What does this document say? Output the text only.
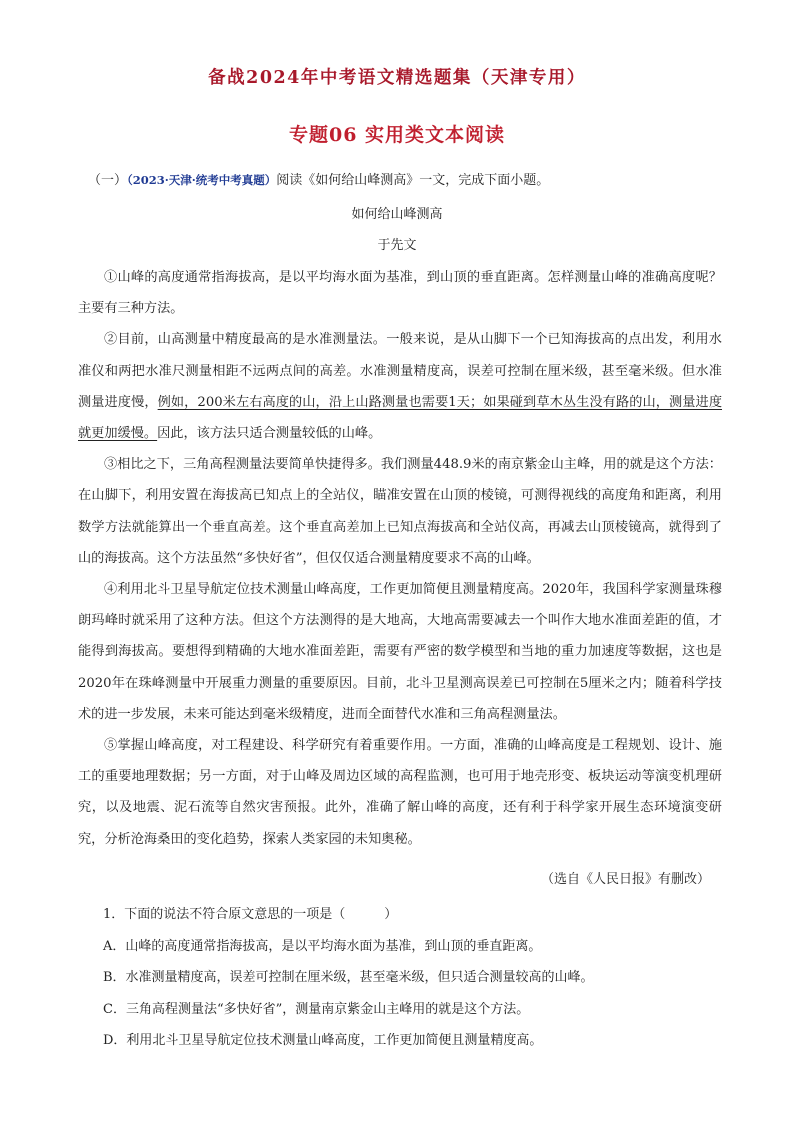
备战2024年中考语文精选题集（天津专用）
专题06 实用类文本阅读
（一）（2023·天津·统考中考真题）阅读《如何给山峰测高》一文，完成下面小题。
如何给山峰测高
于先文

①山峰的高度通常指海拔高，是以平均海水面为基准，到山顶的垂直距离。怎样测量山峰的准确高度呢？主要有三种方法。

②目前，山高测量中精度最高的是水准测量法。一般来说，是从山脚下一个已知海拔高的点出发，利用水准仪和两把水准尺测量相距不远两点间的高差。水准测量精度高，误差可控制在厘米级，甚至毫米级。但水准测量进度慢，例如，200米左右高度的山，沿上山路测量也需要1天；如果碰到草木丛生没有路的山，测量进度就更加缓慢。因此，该方法只适合测量较低的山峰。

③相比之下，三角高程测量法要简单快捷得多。我们测量448.9米的南京紫金山主峰，用的就是这个方法：在山脚下，利用安置在海拔高已知点上的全站仪，瞄准安置在山顶的棱镜，可测得视线的高度角和距离，利用数学方法就能算出一个垂直高差。这个垂直高差加上已知点海拔高和全站仪高，再减去山顶棱镜高，就得到了山的海拔高。这个方法虽然“多快好省”，但仅仅适合测量精度要求不高的山峰。

④利用北斗卫星导航定位技术测量山峰高度，工作更加简便且测量精度高。2020年，我国科学家测量珠穆朗玛峰时就采用了这种方法。但这个方法测得的是大地高，大地高需要减去一个叫作大地水准面差距的值，才能得到海拔高。要想得到精确的大地水准面差距，需要有严密的数学模型和当地的重力加速度等数据，这也是2020年在珠峰测量中开展重力测量的重要原因。目前，北斗卫星测高误差已可控制在5厘米之内；随着科学技术的进一步发展，未来可能达到毫米级精度，进而全面替代水准和三角高程测量法。

⑤掌握山峰高度，对工程建设、科学研究有着重要作用。一方面，准确的山峰高度是工程规划、设计、施工的重要地理数据；另一方面，对于山峰及周边区域的高程监测，也可用于地壳形变、板块运动等演变机理研究，以及地震、泥石流等自然灾害预报。此外，准确了解山峰的高度，还有利于科学家开展生态环境演变研究，分析沧海桑田的变化趋势，探索人类家园的未知奥秘。

（选自《人民日报》有删改）
1．下面的说法不符合原文意思的一项是（　　　）
A．山峰的高度通常指海拔高，是以平均海水面为基准，到山顶的垂直距离。
B．水准测量精度高，误差可控制在厘米级，甚至毫米级，但只适合测量较高的山峰。
C．三角高程测量法“多快好省”，测量南京紫金山主峰用的就是这个方法。
D．利用北斗卫星导航定位技术测量山峰高度，工作更加简便且测量精度高。
